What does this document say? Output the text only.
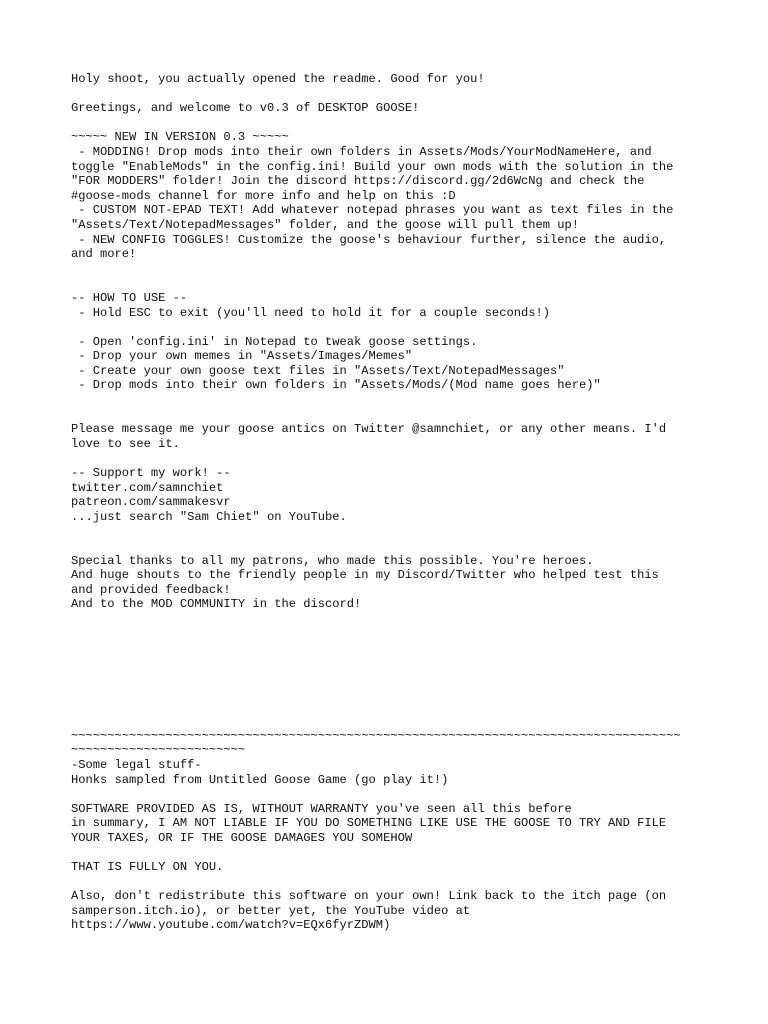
Holy shoot, you actually opened the readme. Good for you!
Greetings, and welcome to v0.3 of DESKTOP GOOSE!
~~~~~ NEW IN VERSION 0.3 ~~~~~
- MODDING! Drop mods into their own folders in Assets/Mods/YourModNameHere, and
toggle "EnableMods" in the config.ini! Build your own mods with the solution in the
"FOR MODDERS" folder! Join the discord https://discord.gg/2d6WcNg and check the
#goose-mods channel for more info and help on this :D
- CUSTOM NOT-EPAD TEXT! Add whatever notepad phrases you want as text files in the
"Assets/Text/NotepadMessages" folder, and the goose will pull them up!
- NEW CONFIG TOGGLES! Customize the goose's behaviour further, silence the audio,
and more!
-- HOW TO USE --
- Hold ESC to exit (you'll need to hold it for a couple seconds!)
- Open 'config.ini' in Notepad to tweak goose settings.
- Drop your own memes in "Assets/Images/Memes"
- Create your own goose text files in "Assets/Text/NotepadMessages"
- Drop mods into their own folders in "Assets/Mods/(Mod name goes here)"
Please message me your goose antics on Twitter @samnchiet, or any other means. I'd
love to see it.
-- Support my work! --
twitter.com/samnchiet
patreon.com/sammakesvr
...just search "Sam Chiet" on YouTube.
Special thanks to all my patrons, who made this possible. You're heroes.
And huge shouts to the friendly people in my Discord/Twitter who helped test this
and provided feedback!
And to the MOD COMMUNITY in the discord!
~~~~~~~~~~~~~~~~~~~~~~~~~~~~~~~~~~~~~~~~~~~~~~~~~~~~~~~~~~~~~~~~~~~~~~~~~~~~~~~~~~~~
~~~~~~~~~~~~~~~~~~~~~~~~
-Some legal stuff-
Honks sampled from Untitled Goose Game (go play it!)
SOFTWARE PROVIDED AS IS, WITHOUT WARRANTY you've seen all this before
in summary, I AM NOT LIABLE IF YOU DO SOMETHING LIKE USE THE GOOSE TO TRY AND FILE
YOUR TAXES, OR IF THE GOOSE DAMAGES YOU SOMEHOW
THAT IS FULLY ON YOU.
Also, don't redistribute this software on your own! Link back to the itch page (on
samperson.itch.io), or better yet, the YouTube video at
https://www.youtube.com/watch?v=EQx6fyrZDWM)
